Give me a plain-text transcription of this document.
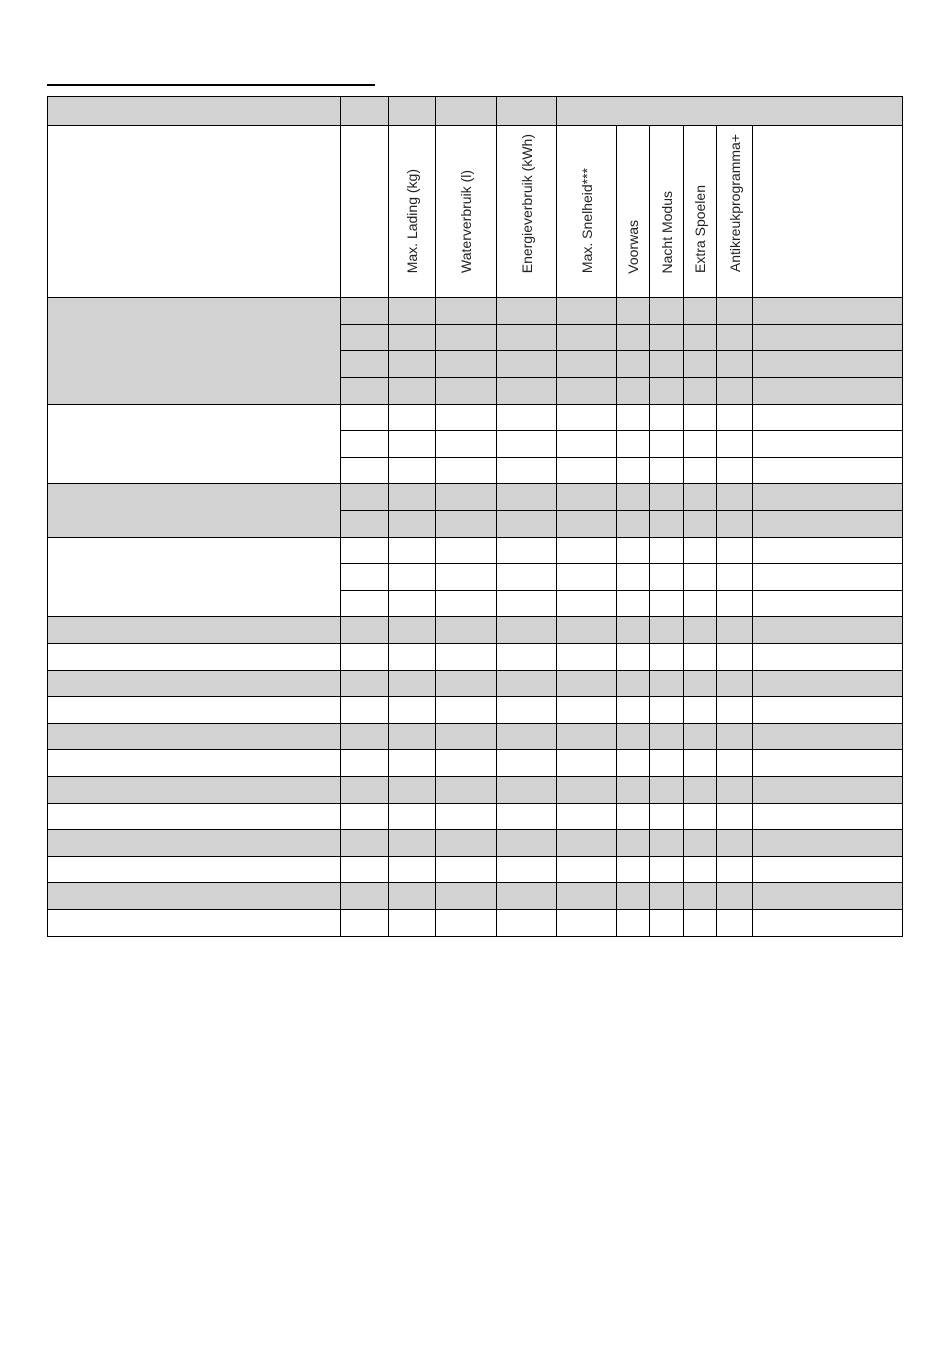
		Max. Lading (kg)	Waterverbruik (l)	Energieverbruik (kWh)	Max. Snelheid***	Voorwas	Nacht Modus	Extra Spoelen	Antikreukprogramma+	
